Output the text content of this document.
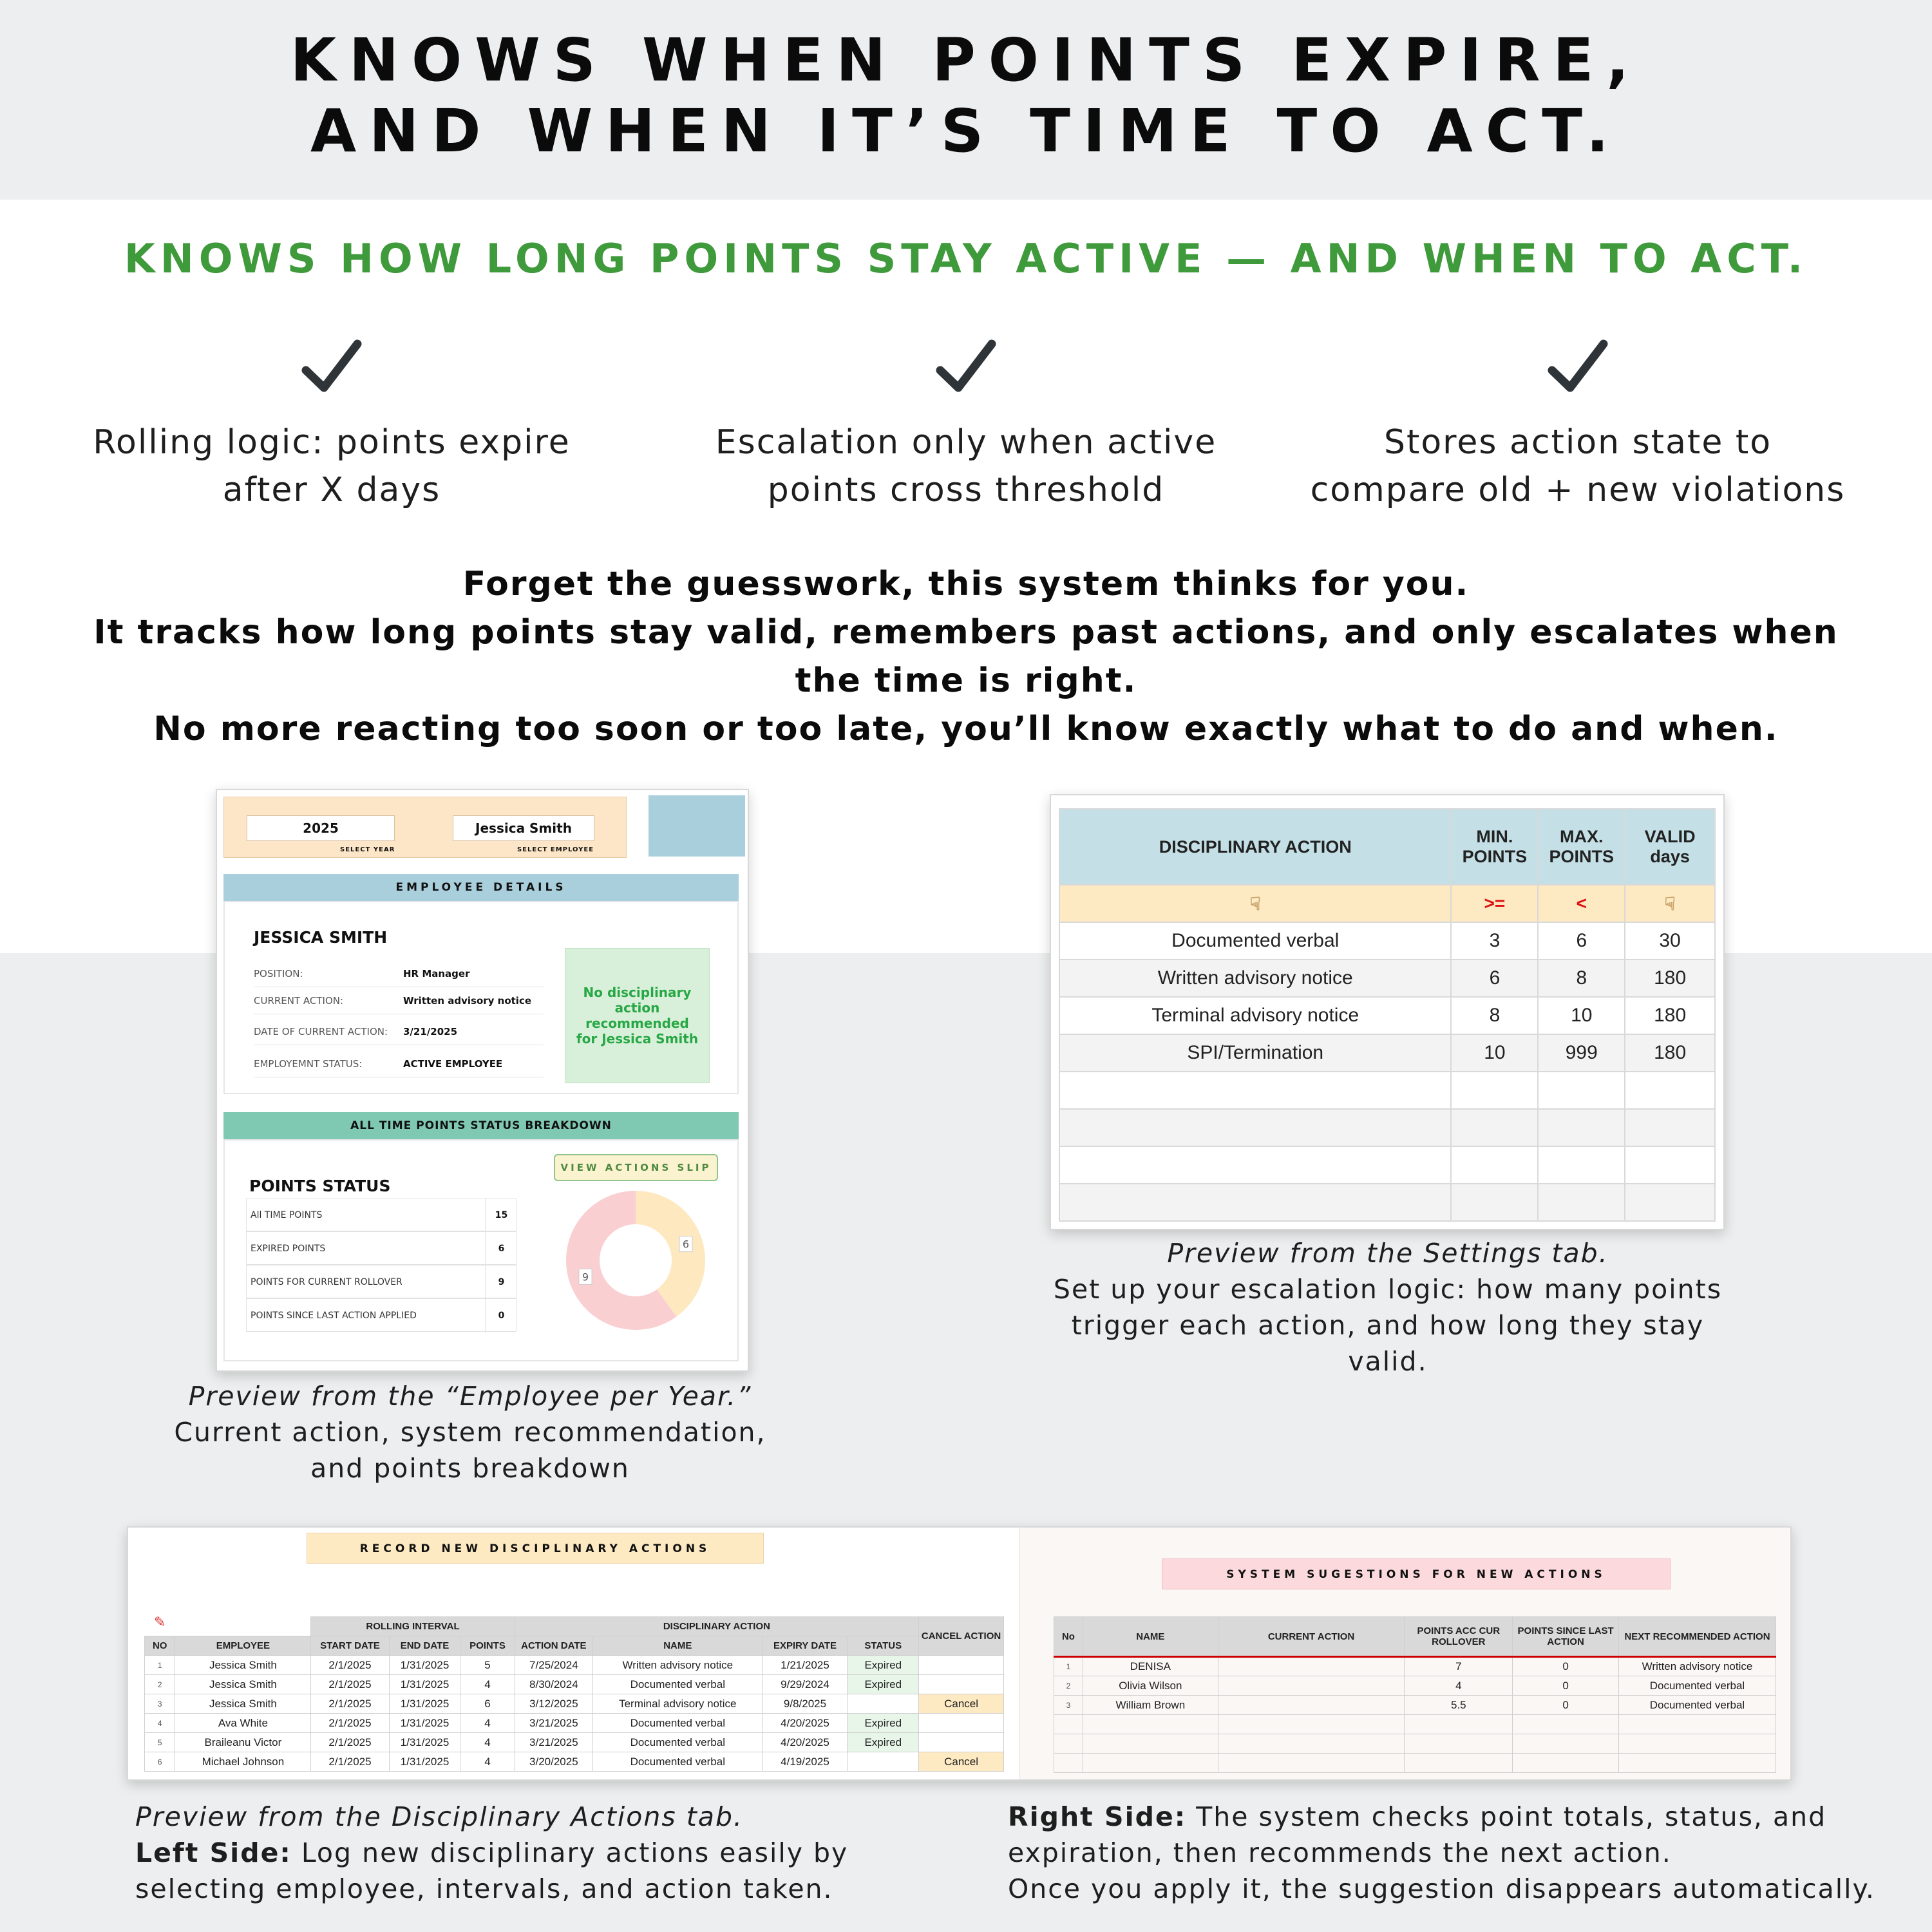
KNOWS WHEN POINTS EXPIRE,
AND WHEN IT’S TIME TO ACT.
KNOWS HOW LONG POINTS STAY ACTIVE — AND WHEN TO ACT.
Rolling logic: points expire
after X days
Escalation only when active
points cross threshold
Stores action state to
compare old + new violations
Forget the guesswork, this system thinks for you.
It tracks how long points stay valid, remembers past actions, and only escalates when
the time is right.
No more reacting too soon or too late, you’ll know exactly what to do and when.
2025
SELECT YEAR
Jessica Smith
SELECT EMPLOYEE
EMPLOYEE DETAILS
JESSICA SMITH
POSITION:	HR Manager
CURRENT ACTION:	Written advisory notice
DATE OF CURRENT ACTION: 3/21/2025
EMPLOYEMNT STATUS:	ACTIVE EMPLOYEE
No disciplinary action recommended for Jessica Smith
ALL TIME POINTS STATUS BREAKDOWN
VIEW ACTIONS SLIP
POINTS STATUS
All TIME POINTS	15
EXPIRED POINTS	6
POINTS FOR CURRENT ROLLOVER	9
POINTS SINCE LAST ACTION APPLIED	0
6
9
DISCIPLINARY ACTION	MIN. POINTS	MAX. POINTS	VALID days
☟	>=	<	☟
Documented verbal	3	6	30
Written advisory notice	6	8	180
Terminal advisory notice	8	10	180
SPI/Termination	10	999	180

Preview from the “Employee per Year.”
Current action, system recommendation,
and points breakdown
Preview from the Settings tab.
Set up your escalation logic: how many points
trigger each action, and how long they stay
valid.
RECORD NEW DISCIPLINARY ACTIONS
✎
		ROLLING INTERVAL			DISCIPLINARY ACTION				CANCEL ACTION
NO	EMPLOYEE	START DATE	END DATE	POINTS	ACTION DATE	NAME	EXPIRY DATE	STATUS	
1	Jessica Smith	2/1/2025	1/31/2025	5	7/25/2024	Written advisory notice	1/21/2025	Expired	
2	Jessica Smith	2/1/2025	1/31/2025	4	8/30/2024	Documented verbal	9/29/2024	Expired	
3	Jessica Smith	2/1/2025	1/31/2025	6	3/12/2025	Terminal advisory notice	9/8/2025		Cancel
4	Ava White	2/1/2025	1/31/2025	4	3/21/2025	Documented verbal	4/20/2025	Expired	
5	Braileanu Victor	2/1/2025	1/31/2025	4	3/21/2025	Documented verbal	4/20/2025	Expired	
6	Michael Johnson	2/1/2025	1/31/2025	4	3/20/2025	Documented verbal	4/19/2025		Cancel
SYSTEM SUGESTIONS FOR NEW ACTIONS
No	NAME	CURRENT ACTION	POINTS ACC CUR ROLLOVER	POINTS SINCE LAST ACTION	NEXT RECOMMENDED ACTION
1	DENISA		7	0	Written advisory notice
2	Olivia Wilson		4	0	Documented verbal
3	William Brown		5.5	0	Documented verbal

Preview from the Disciplinary Actions tab.
Left Side: Log new disciplinary actions easily by
selecting employee, intervals, and action taken.
Right Side: The system checks point totals, status, and
expiration, then recommends the next action.
Once you apply it, the suggestion disappears automatically.
